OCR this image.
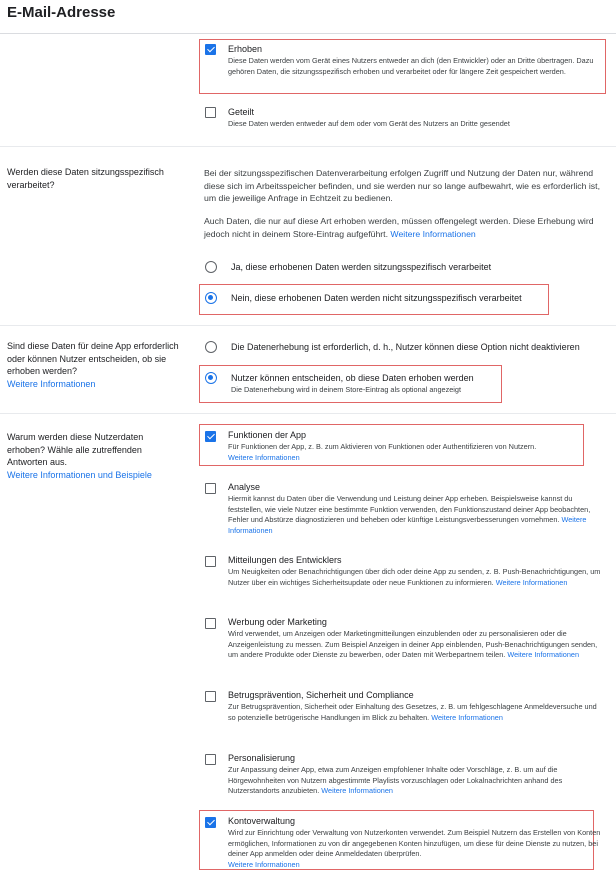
E-Mail-Adresse
Erhoben
Diese Daten werden vom Gerät eines Nutzers entweder an dich (den Entwickler) oder an Dritte übertragen. Dazu gehören Daten, die sitzungsspezifisch erhoben und verarbeitet oder für längere Zeit gespeichert werden.
Geteilt
Diese Daten werden entweder auf dem oder vom Gerät des Nutzers an Dritte gesendet
Werden diese Daten sitzungsspezifisch verarbeitet?
Bei der sitzungsspezifischen Datenverarbeitung erfolgen Zugriff und Nutzung der Daten nur, während diese sich im Arbeitsspeicher befinden, und sie werden nur so lange aufbewahrt, wie es erforderlich ist, um die jeweilige Anfrage in Echtzeit zu bedienen.
Auch Daten, die nur auf diese Art erhoben werden, müssen offengelegt werden. Diese Erhebung wird jedoch nicht in deinem Store-Eintrag aufgeführt. Weitere Informationen
Ja, diese erhobenen Daten werden sitzungsspezifisch verarbeitet
Nein, diese erhobenen Daten werden nicht sitzungsspezifisch verarbeitet
Sind diese Daten für deine App erforderlich oder können Nutzer entscheiden, ob sie erhoben werden?
Weitere Informationen
Die Datenerhebung ist erforderlich, d. h., Nutzer können diese Option nicht deaktivieren
Nutzer können entscheiden, ob diese Daten erhoben werden
Die Datenerhebung wird in deinem Store-Eintrag als optional angezeigt
Warum werden diese Nutzerdaten erhoben? Wähle alle zutreffenden Antworten aus.
Weitere Informationen und Beispiele
Funktionen der App
Für Funktionen der App, z. B. zum Aktivieren von Funktionen oder Authentifizieren von Nutzern.
Weitere Informationen
Analyse
Hiermit kannst du Daten über die Verwendung und Leistung deiner App erheben. Beispielsweise kannst du feststellen, wie viele Nutzer eine bestimmte Funktion verwenden, den Funktionszustand deiner App beobachten, Fehler und Abstürze diagnostizieren und beheben oder künftige Leistungsverbesserungen vornehmen. Weitere Informationen
Mitteilungen des Entwicklers
Um Neuigkeiten oder Benachrichtigungen über dich oder deine App zu senden, z. B. Push-Benachrichtigungen, um Nutzer über ein wichtiges Sicherheitsupdate oder neue Funktionen zu informieren. Weitere Informationen
Werbung oder Marketing
Wird verwendet, um Anzeigen oder Marketingmitteilungen einzublenden oder zu personalisieren oder die Anzeigenleistung zu messen. Zum Beispiel Anzeigen in deiner App einblenden, Push-Benachrichtigungen senden, um andere Produkte oder Dienste zu bewerben, oder Daten mit Werbepartnern teilen. Weitere Informationen
Betrugsprävention, Sicherheit und Compliance
Zur Betrugsprävention, Sicherheit oder Einhaltung des Gesetzes, z. B. um fehlgeschlagene Anmeldeversuche und so potenzielle betrügerische Handlungen im Blick zu behalten. Weitere Informationen
Personalisierung
Zur Anpassung deiner App, etwa zum Anzeigen empfohlener Inhalte oder Vorschläge, z. B. um auf die Hörgewohnheiten von Nutzern abgestimmte Playlists vorzuschlagen oder Lokalnachrichten anhand des Nutzerstandorts anzubieten. Weitere Informationen
Kontoverwaltung
Wird zur Einrichtung oder Verwaltung von Nutzerkonten verwendet. Zum Beispiel Nutzern das Erstellen von Konten ermöglichen, Informationen zu von dir angegebenen Konten hinzufügen, um diese für deine Dienste zu nutzen, bei deiner App anmelden oder deine Anmeldedaten überprüfen.
Weitere Informationen
